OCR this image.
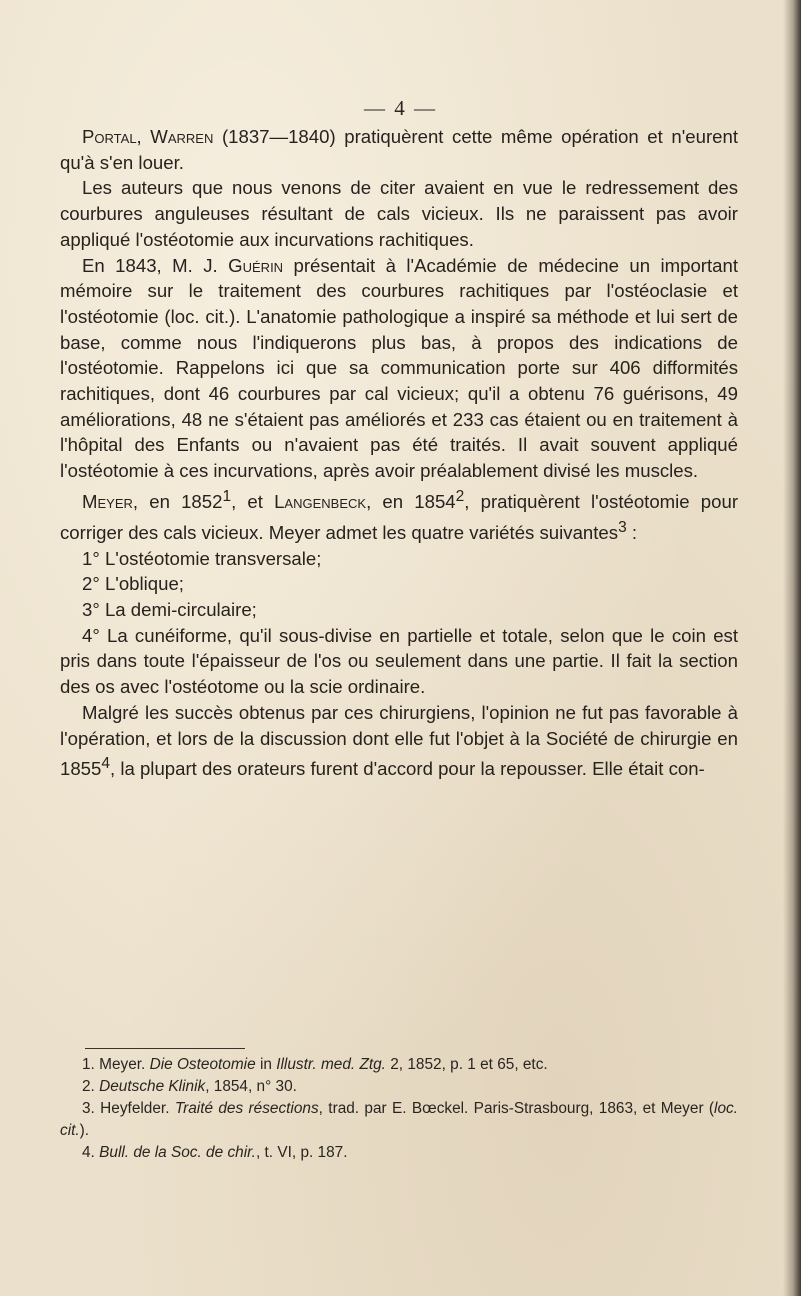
— 4 —

Portal, Warren (1837—1840) pratiquèrent cette même opération et n'eurent qu'à s'en louer.

Les auteurs que nous venons de citer avaient en vue le redressement des courbures anguleuses résultant de cals vicieux. Ils ne paraissent pas avoir appliqué l'ostéotomie aux incurvations rachitiques.

En 1843, M. J. Guérin présentait à l'Académie de médecine un important mémoire sur le traitement des courbures rachitiques par l'ostéoclasie et l'ostéotomie (loc. cit.). L'anatomie pathologique a inspiré sa méthode et lui sert de base, comme nous l'indiquerons plus bas, à propos des indications de l'ostéotomie. Rappelons ici que sa communication porte sur 406 difformités rachitiques, dont 46 courbures par cal vicieux; qu'il a obtenu 76 guérisons, 49 améliorations, 48 ne s'étaient pas améliorés et 233 cas étaient ou en traitement à l'hôpital des Enfants ou n'avaient pas été traités. Il avait souvent appliqué l'ostéotomie à ces incurvations, après avoir préalablement divisé les muscles.

Meyer, en 1852$^1$, et Langenbeck, en 1854$^2$, pratiquèrent l'ostéotomie pour corriger des cals vicieux. Meyer admet les quatre variétés suivantes$^3$ :

1° L'ostéotomie transversale;

2° L'oblique;

3° La demi-circulaire;

4° La cunéiforme, qu'il sous-divise en partielle et totale, selon que le coin est pris dans toute l'épaisseur de l'os ou seulement dans une partie. Il fait la section des os avec l'ostéotome ou la scie ordinaire.

Malgré les succès obtenus par ces chirurgiens, l'opinion ne fut pas favorable à l'opération, et lors de la discussion dont elle fut l'objet à la Société de chirurgie en 1855$^4$, la plupart des orateurs furent d'accord pour la repousser. Elle était con-

1. Meyer. Die Osteotomie in Illustr. med. Ztg. 2, 1852, p. 1 et 65, etc.

2. Deutsche Klinik, 1854, n° 30.

3. Heyfelder. Traité des résections, trad. par E. Bœckel. Paris-Strasbourg, 1863, et Meyer (loc. cit.).

4. Bull. de la Soc. de chir., t. VI, p. 187.
